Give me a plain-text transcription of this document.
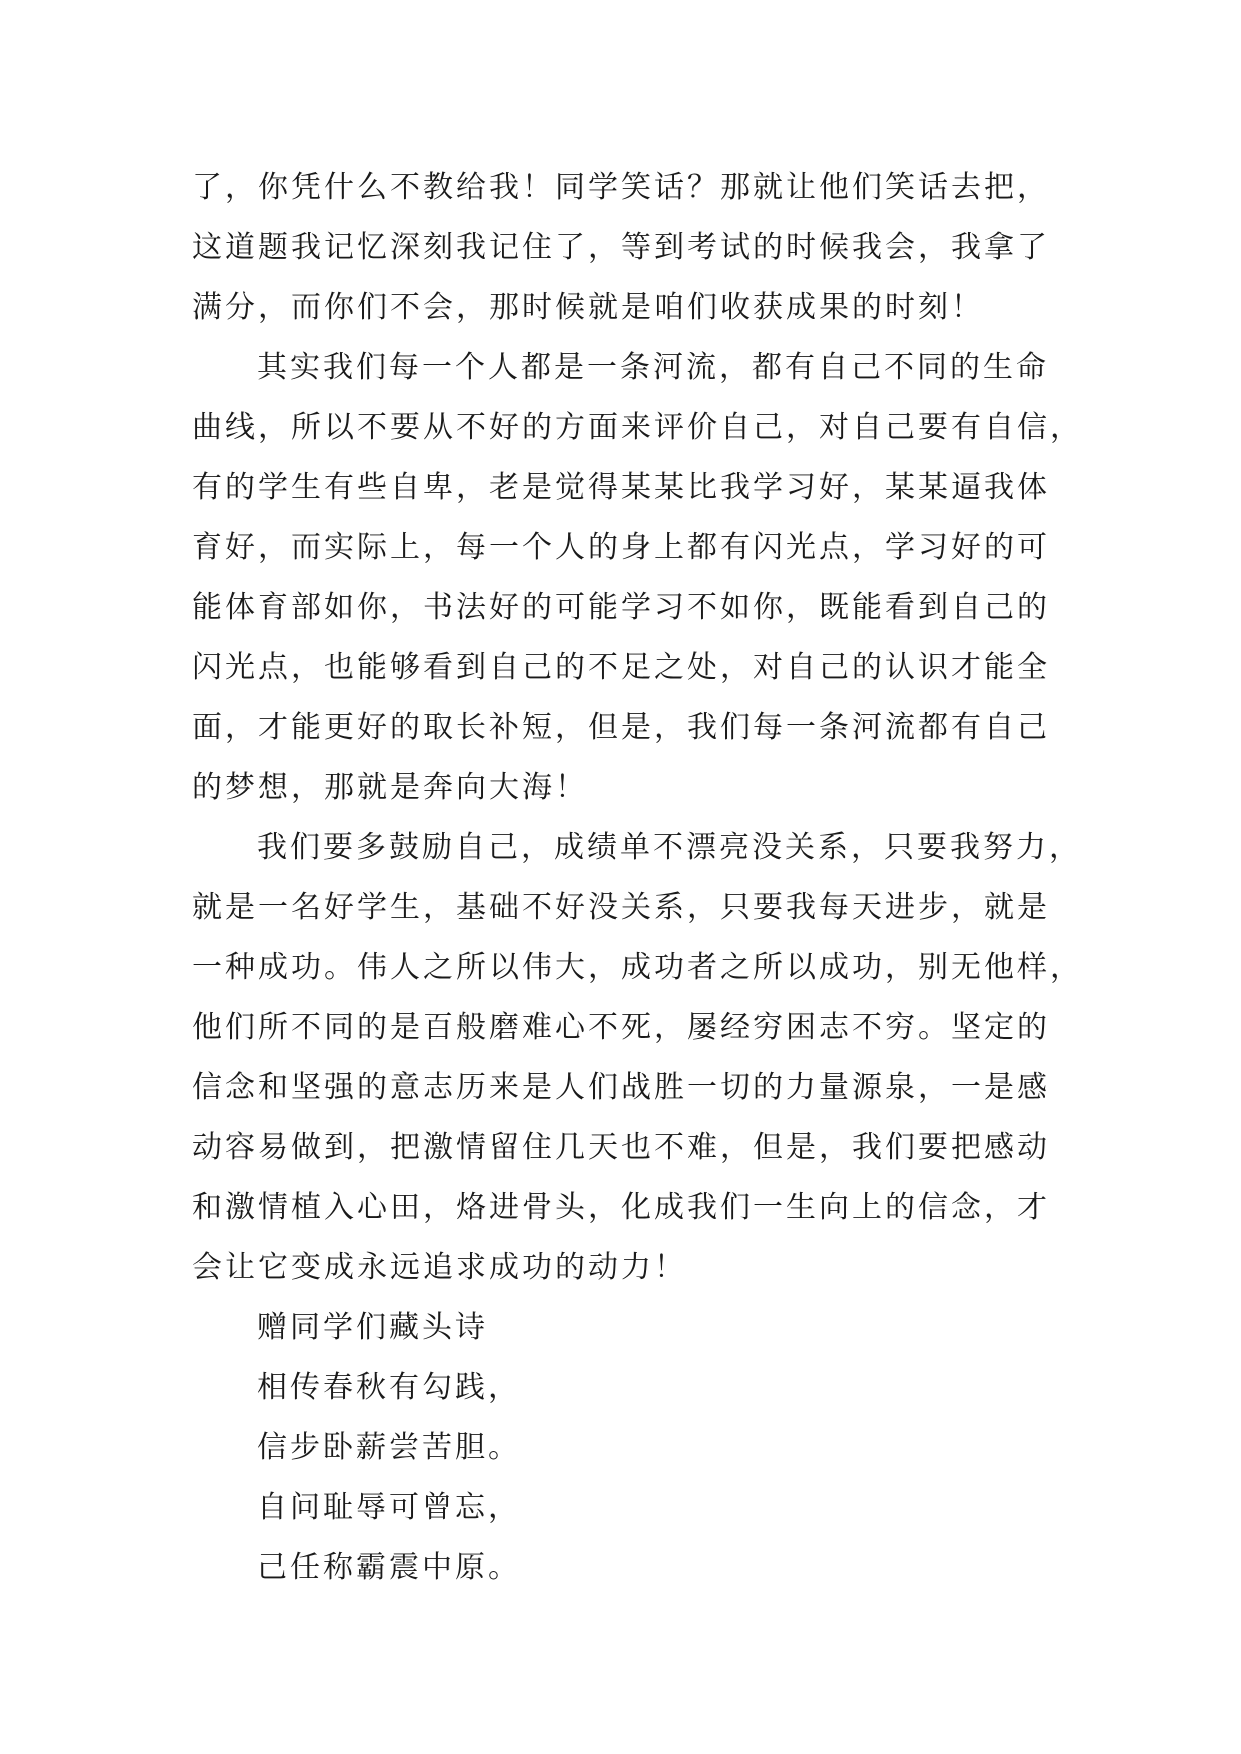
了，你凭什么不教给我！同学笑话？那就让他们笑话去把，
这道题我记忆深刻我记住了，等到考试的时候我会，我拿了
满分，而你们不会，那时候就是咱们收获成果的时刻！
其实我们每一个人都是一条河流，都有自己不同的生命
曲线，所以不要从不好的方面来评价自己，对自己要有自信，
有的学生有些自卑，老是觉得某某比我学习好，某某逼我体
育好，而实际上，每一个人的身上都有闪光点，学习好的可
能体育部如你，书法好的可能学习不如你，既能看到自己的
闪光点，也能够看到自己的不足之处，对自己的认识才能全
面，才能更好的取长补短，但是，我们每一条河流都有自己
的梦想，那就是奔向大海！
我们要多鼓励自己，成绩单不漂亮没关系，只要我努力，
就是一名好学生，基础不好没关系，只要我每天进步，就是
一种成功。伟人之所以伟大，成功者之所以成功，别无他样，
他们所不同的是百般磨难心不死，屡经穷困志不穷。坚定的
信念和坚强的意志历来是人们战胜一切的力量源泉，一是感
动容易做到，把激情留住几天也不难，但是，我们要把感动
和激情植入心田，烙进骨头，化成我们一生向上的信念，才
会让它变成永远追求成功的动力！
赠同学们藏头诗
相传春秋有勾践，
信步卧薪尝苦胆。
自问耻辱可曾忘，
己任称霸震中原。
